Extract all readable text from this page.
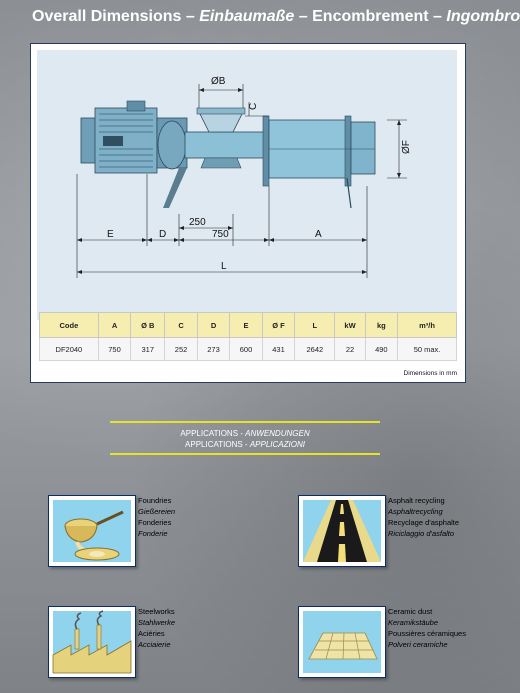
Overall Dimensions – Einbaumaße – Encombrement – Ingombro
ØB
C
ØF
250
E	D	750	A
L
Code	A	Ø B	C	D	E	Ø F	L	kW	kg	m³/h
DF2040	750	317	252	273	600	431	2642	22	490	50 max.
Dimensions in mm
APPLICATIONS - ANWENDUNGEN
APPLICATIONS - APPLICAZIONI
Foundries
Gießereien
Fonderies
Fonderie
Asphalt recycling
Asphaltrecycling
Recyclage d'asphalte
Riciclaggio d'asfalto
Steelworks
Stahlwerke
Aciéries
Acciaierie
Ceramic dust
Keramikstäube
Poussières céramiques
Polveri ceramiche
